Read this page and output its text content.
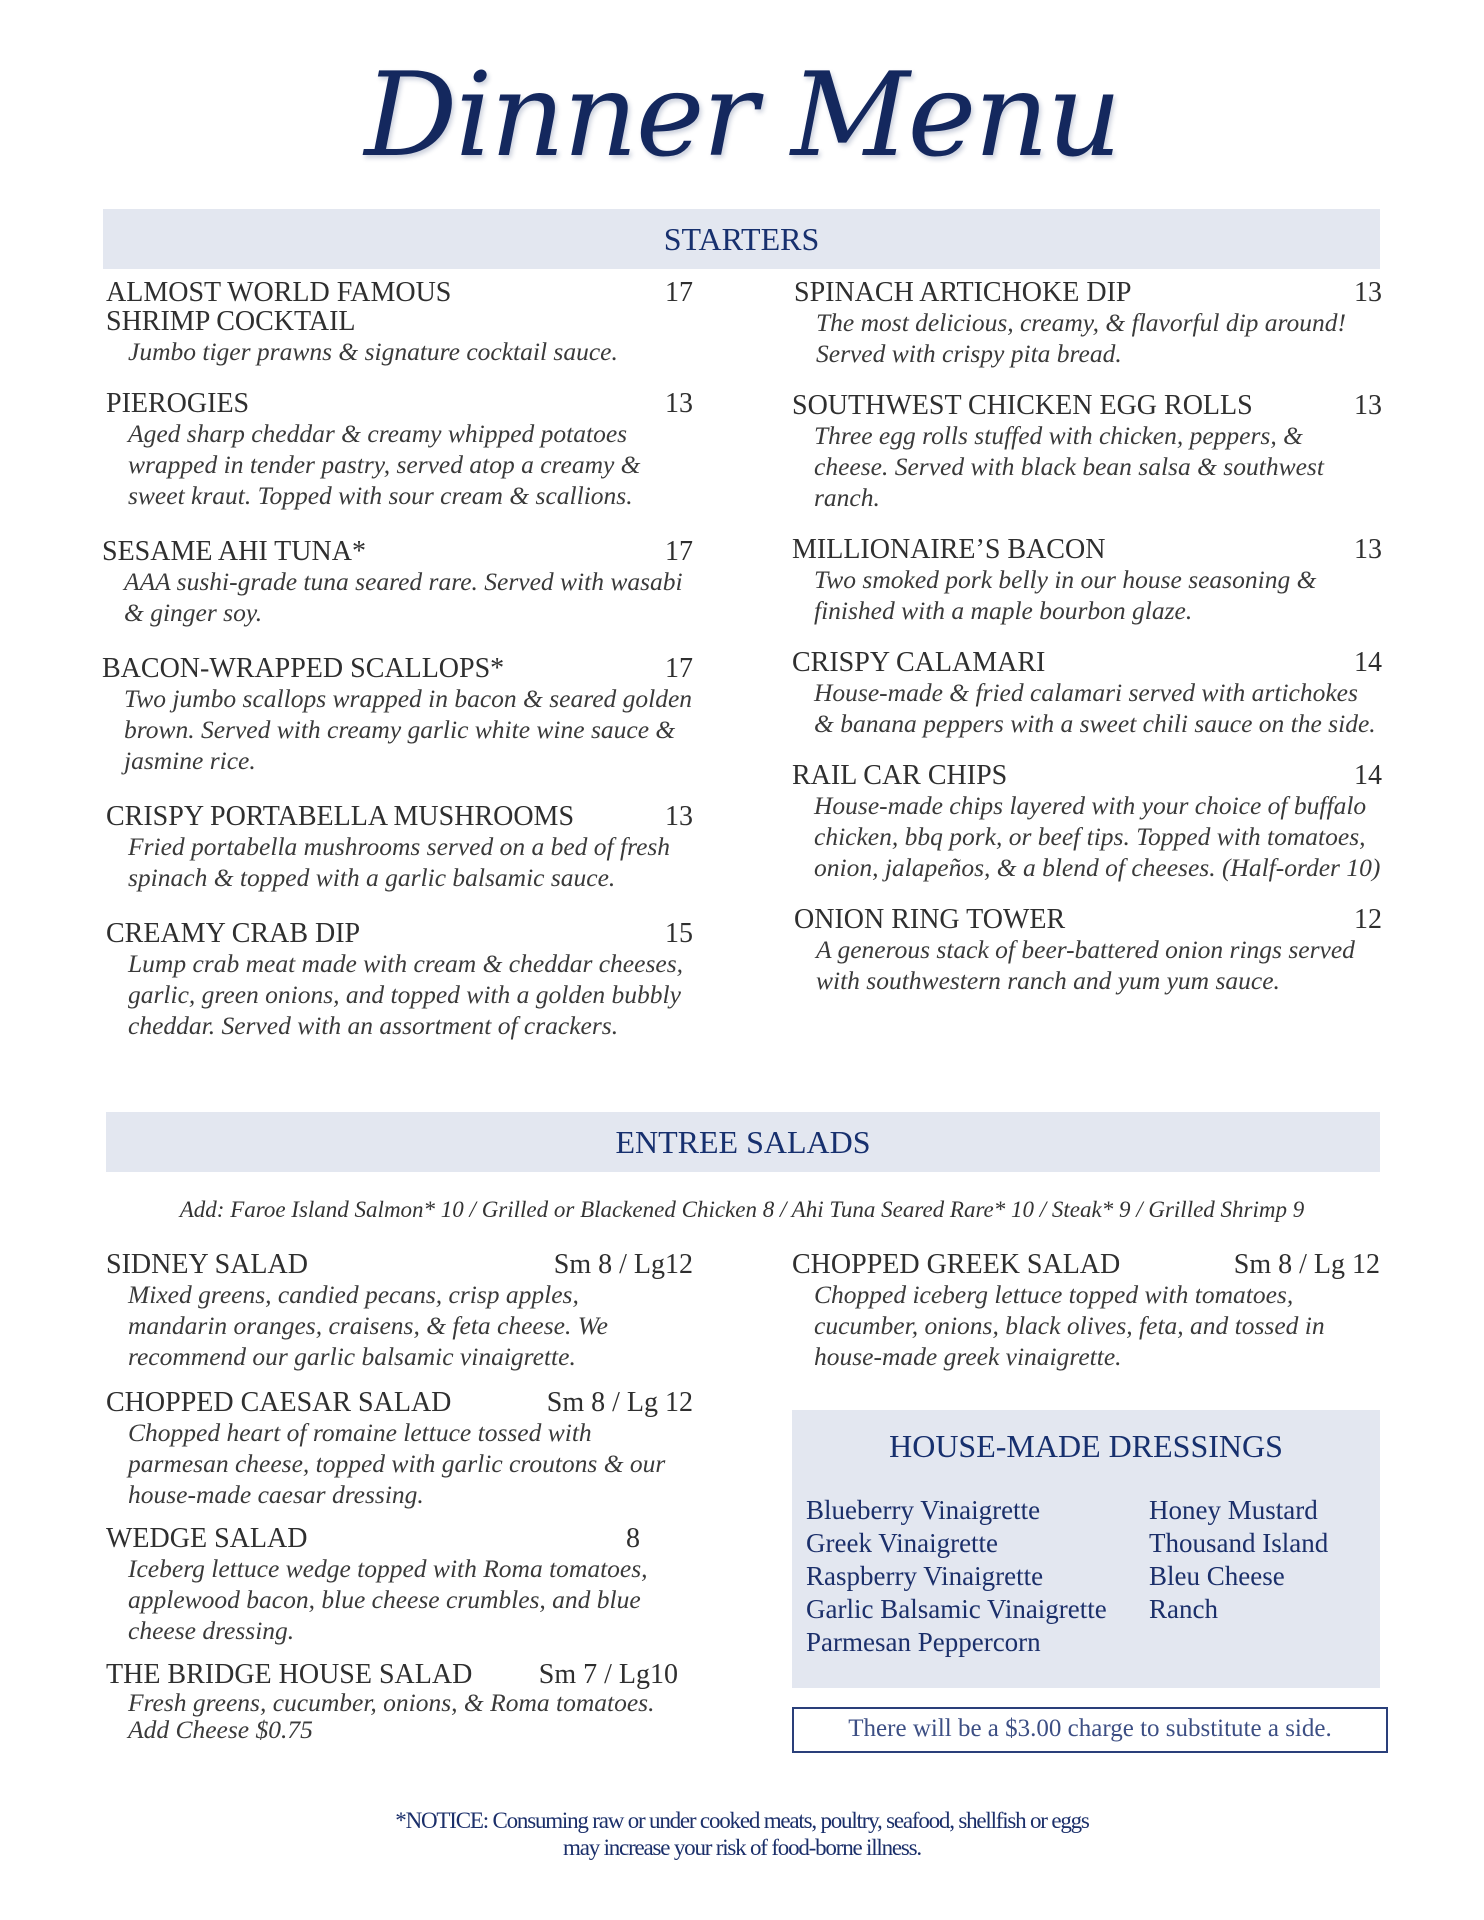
Dinner Menu
STARTERS
ALMOST WORLD FAMOUS
SHRIMP COCKTAIL
17
Jumbo tiger prawns & signature cocktail sauce.
PIEROGIES	13
Aged sharp cheddar & creamy whipped potatoes wrapped in tender pastry, served atop a creamy & sweet kraut. Topped with sour cream & scallions.
SESAME AHI TUNA*	17
AAA sushi-grade tuna seared rare. Served with wasabi & ginger soy.
BACON-WRAPPED SCALLOPS*	17
Two jumbo scallops wrapped in bacon & seared golden brown. Served with creamy garlic white wine sauce & jasmine rice.
CRISPY PORTABELLA MUSHROOMS	13
Fried portabella mushrooms served on a bed of fresh spinach & topped with a garlic balsamic sauce.
CREAMY CRAB DIP	15
Lump crab meat made with cream & cheddar cheeses, garlic, green onions, and topped with a golden bubbly cheddar. Served with an assortment of crackers.
SPINACH ARTICHOKE DIP	13
The most delicious, creamy, & flavorful dip around! Served with crispy pita bread.
SOUTHWEST CHICKEN EGG ROLLS	13
Three egg rolls stuffed with chicken, peppers, & cheese. Served with black bean salsa & southwest ranch.
MILLIONAIRE’S BACON	13
Two smoked pork belly in our house seasoning & finished with a maple bourbon glaze.
CRISPY CALAMARI	14
House-made & fried calamari served with artichokes & banana peppers with a sweet chili sauce on the side.
RAIL CAR CHIPS	14
House-made chips layered with your choice of buffalo chicken, bbq pork, or beef tips. Topped with tomatoes, onion, jalapeños, & a blend of cheeses. (Half-order 10)
ONION RING TOWER	12
A generous stack of beer-battered onion rings served with southwestern ranch and yum yum sauce.
ENTREE SALADS
Add: Faroe Island Salmon* 10 / Grilled or Blackened Chicken 8 / Ahi Tuna Seared Rare* 10 / Steak* 9 / Grilled Shrimp 9
SIDNEY SALAD	Sm 8 / Lg12
Mixed greens, candied pecans, crisp apples, mandarin oranges, craisens, & feta cheese. We recommend our garlic balsamic vinaigrette.
CHOPPED CAESAR SALAD	Sm 8 / Lg 12
Chopped heart of romaine lettuce tossed with parmesan cheese, topped with garlic croutons & our house-made caesar dressing.
WEDGE SALAD	8
Iceberg lettuce wedge topped with Roma tomatoes, applewood bacon, blue cheese crumbles, and blue cheese dressing.
THE BRIDGE HOUSE SALAD Sm 7 / Lg10
Fresh greens, cucumber, onions, & Roma tomatoes. Add Cheese $0.75
CHOPPED GREEK SALAD	Sm 8 / Lg 12
Chopped iceberg lettuce topped with tomatoes, cucumber, onions, black olives, feta, and tossed in house-made greek vinaigrette.
HOUSE-MADE DRESSINGS
Blueberry Vinaigrette
Greek Vinaigrette
Raspberry Vinaigrette
Garlic Balsamic Vinaigrette
Parmesan Peppercorn
Honey Mustard
Thousand Island
Bleu Cheese
Ranch
There will be a $3.00 charge to substitute a side.
*NOTICE: Consuming raw or under cooked meats, poultry, seafood, shellfish or eggs
may increase your risk of food-borne illness.
